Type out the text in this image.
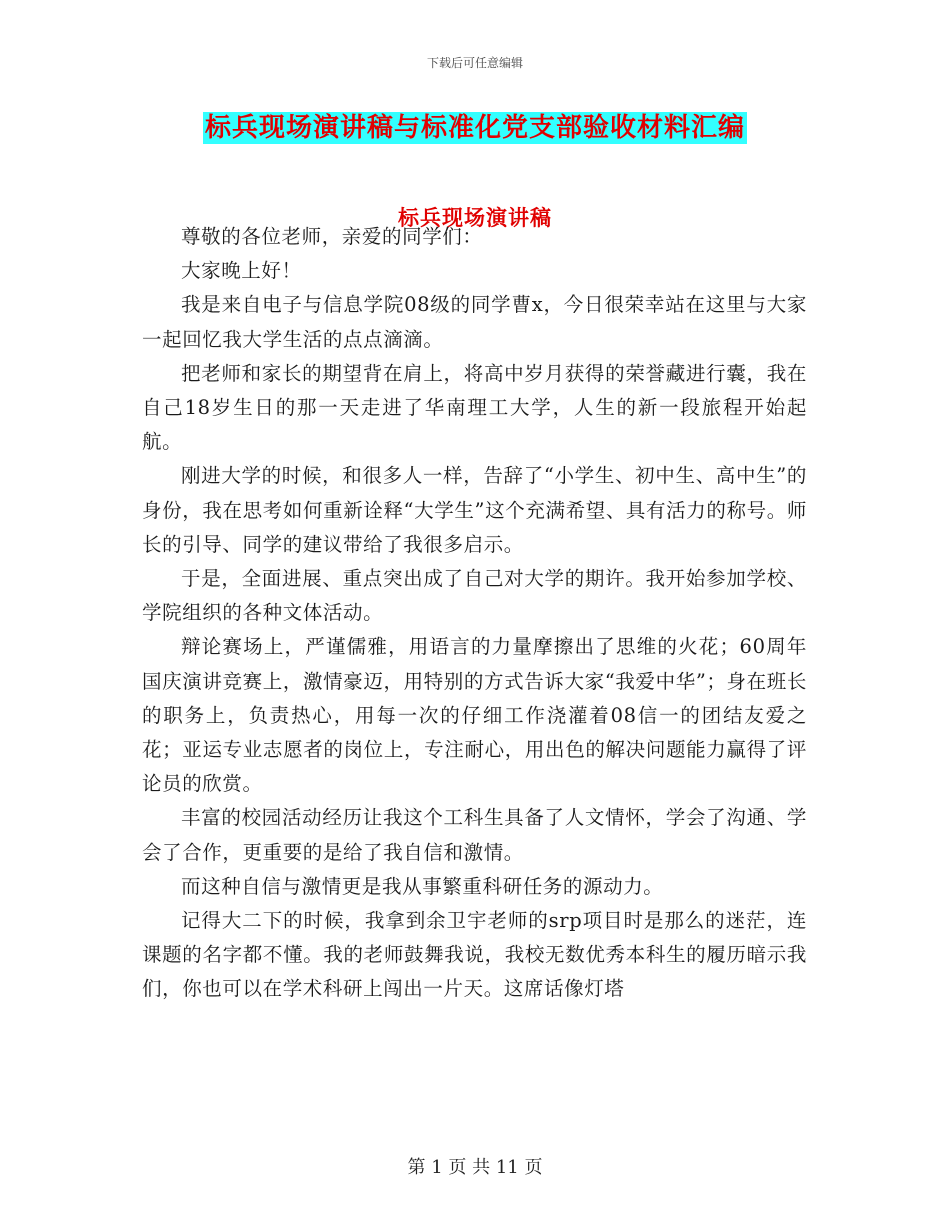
下载后可任意编辑
标兵现场演讲稿与标准化党支部验收材料汇编
标兵现场演讲稿

尊敬的各位老师，亲爱的同学们：

大家晚上好！

我是来自电子与信息学院08级的同学曹x，今日很荣幸站在这里与大家一起回忆我大学生活的点点滴滴。

把老师和家长的期望背在肩上，将高中岁月获得的荣誉藏进行囊，我在自己18岁生日的那一天走进了华南理工大学，人生的新一段旅程开始起航。

刚进大学的时候，和很多人一样，告辞了“小学生、初中生、高中生”的身份，我在思考如何重新诠释“大学生”这个充满希望、具有活力的称号。师长的引导、同学的建议带给了我很多启示。

于是，全面进展、重点突出成了自己对大学的期许。我开始参加学校、学院组织的各种文体活动。

辩论赛场上，严谨儒雅，用语言的力量摩擦出了思维的火花；60周年国庆演讲竞赛上，激情豪迈，用特别的方式告诉大家“我爱中华”；身在班长的职务上，负责热心，用每一次的仔细工作浇灌着08信一的团结友爱之花；亚运专业志愿者的岗位上，专注耐心，用出色的解决问题能力赢得了评论员的欣赏。

丰富的校园活动经历让我这个工科生具备了人文情怀，学会了沟通、学会了合作，更重要的是给了我自信和激情。

而这种自信与激情更是我从事繁重科研任务的源动力。

记得大二下的时候，我拿到余卫宇老师的srp项目时是那么的迷茫，连课题的名字都不懂。我的老师鼓舞我说，我校无数优秀本科生的履历暗示我们，你也可以在学术科研上闯出一片天。这席话像灯塔

第 1 页 共 11 页
